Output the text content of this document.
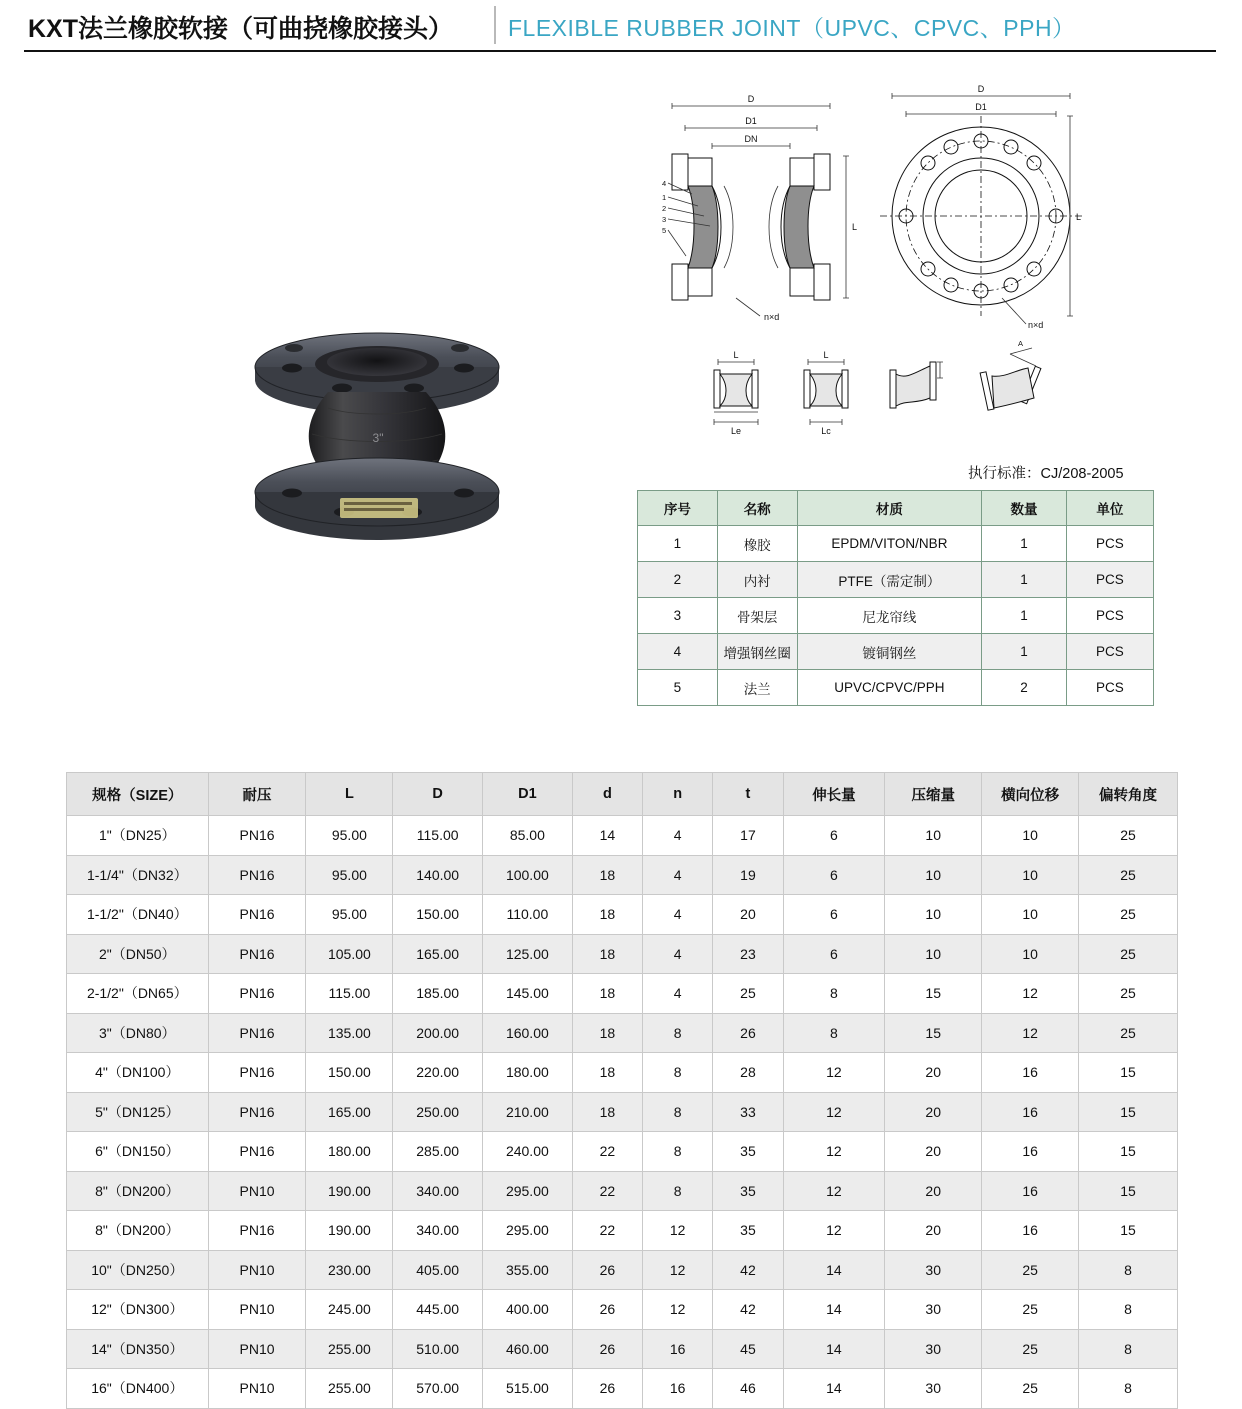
KXT法兰橡胶软接（可曲挠橡胶接头） FLEXIBLE RUBBER JOINT（UPVC、CPVC、PPH）
3"
D
D1
DN
4
1
2
3
5	L
n×d
D
D1
L
n×d
L
Le
L
Lc
A
执行标准：CJ/208-2005
序号	名称	材质	数量	单位
1	橡胶	EPDM/VITON/NBR	1	PCS
2	内衬	PTFE（需定制）	1	PCS
3	骨架层	尼龙帘线	1	PCS
4	增强钢丝圈	镀铜钢丝	1	PCS
5	法兰	UPVC/CPVC/PPH	2	PCS
规格（SIZE）	耐压	L	D	D1	d	n	t	伸长量	压缩量	横向位移	偏转角度
1"（DN25）	PN16	95.00	115.00	85.00	14	4	17	6	10	10	25
1-1/4"（DN32）	PN16	95.00	140.00	100.00	18	4	19	6	10	10	25
1-1/2"（DN40）	PN16	95.00	150.00	110.00	18	4	20	6	10	10	25
2"（DN50）	PN16	105.00	165.00	125.00	18	4	23	6	10	10	25
2-1/2"（DN65）	PN16	115.00	185.00	145.00	18	4	25	8	15	12	25
3"（DN80）	PN16	135.00	200.00	160.00	18	8	26	8	15	12	25
4"（DN100）	PN16	150.00	220.00	180.00	18	8	28	12	20	16	15
5"（DN125）	PN16	165.00	250.00	210.00	18	8	33	12	20	16	15
6"（DN150）	PN16	180.00	285.00	240.00	22	8	35	12	20	16	15
8"（DN200）	PN10	190.00	340.00	295.00	22	8	35	12	20	16	15
8"（DN200）	PN16	190.00	340.00	295.00	22	12	35	12	20	16	15
10"（DN250）	PN10	230.00	405.00	355.00	26	12	42	14	30	25	8
12"（DN300）	PN10	245.00	445.00	400.00	26	12	42	14	30	25	8
14"（DN350）	PN10	255.00	510.00	460.00	26	16	45	14	30	25	8
16"（DN400）	PN10	255.00	570.00	515.00	26	16	46	14	30	25	8
